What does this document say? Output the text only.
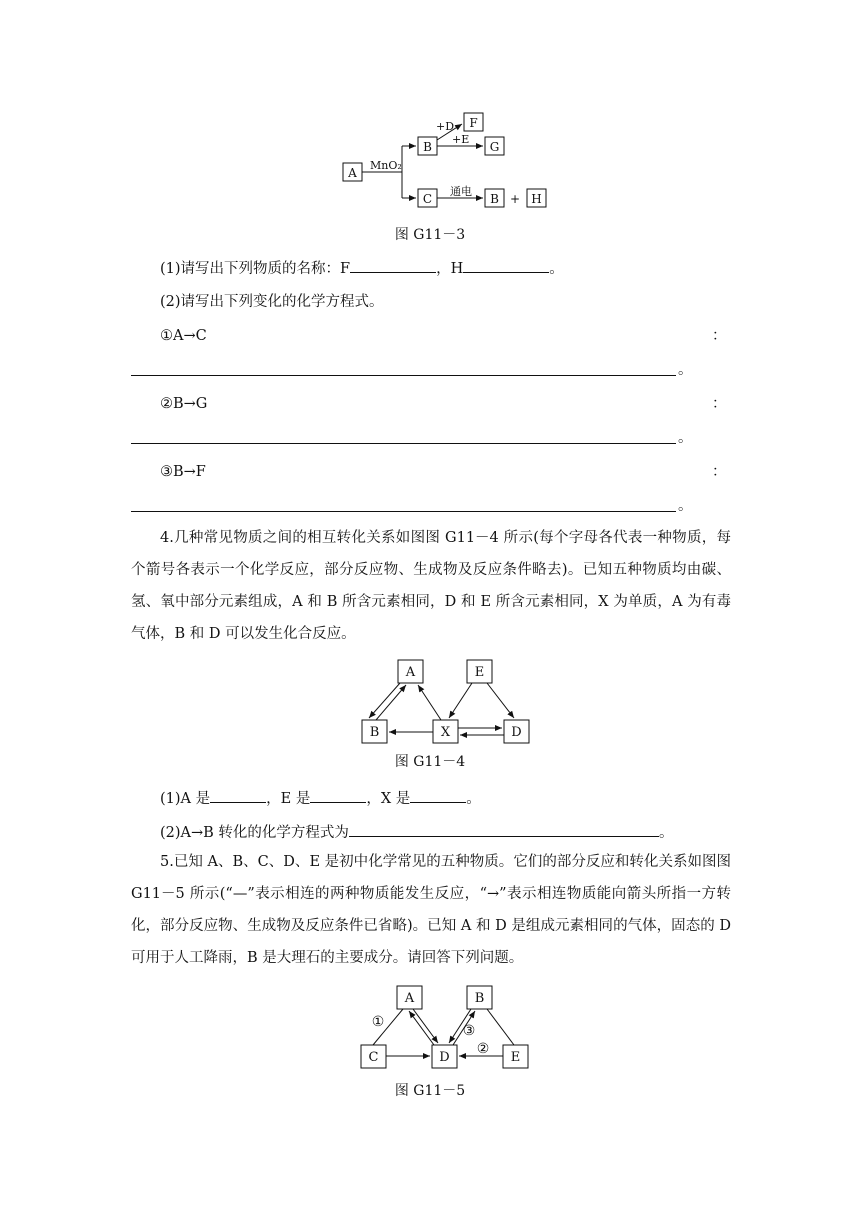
A
B
F
G
C	B	H
MnO₂
+D
+E
通电
+
图 G11－3
(1)请写出下列物质的名称：F	，H	。
(2)请写出下列变化的化学方程式。
①A→C	：
。
②B→G	：
。
③B→F	：
。
4.几种常见物质之间的相互转化关系如图图 G11－4 所示(每个字母各代表一种物质，每个箭号各表示一个化学反应，部分反应物、生成物及反应条件略去)。已知五种物质均由碳、氢、氧中部分元素组成，A 和 B 所含元素相同，D 和 E 所含元素相同，X 为单质，A 为有毒气体，B 和 D 可以发生化合反应。
A	E
B	X	D
图 G11－4
(1)A 是	，E 是	，X 是	。
(2)A→B 转化的化学方程式为	。
5.已知 A、B、C、D、E 是初中化学常见的五种物质。它们的部分反应和转化关系如图图 G11－5 所示(“—”表示相连的两种物质能发生反应，“→”表示相连物质能向箭头所指一方转化，部分反应物、生成物及反应条件已省略)。已知 A 和 D 是组成元素相同的气体，固态的 D 可用于人工降雨，B 是大理石的主要成分。请回答下列问题。
A	B
C	D	E
①
②
③
图 G11－5
